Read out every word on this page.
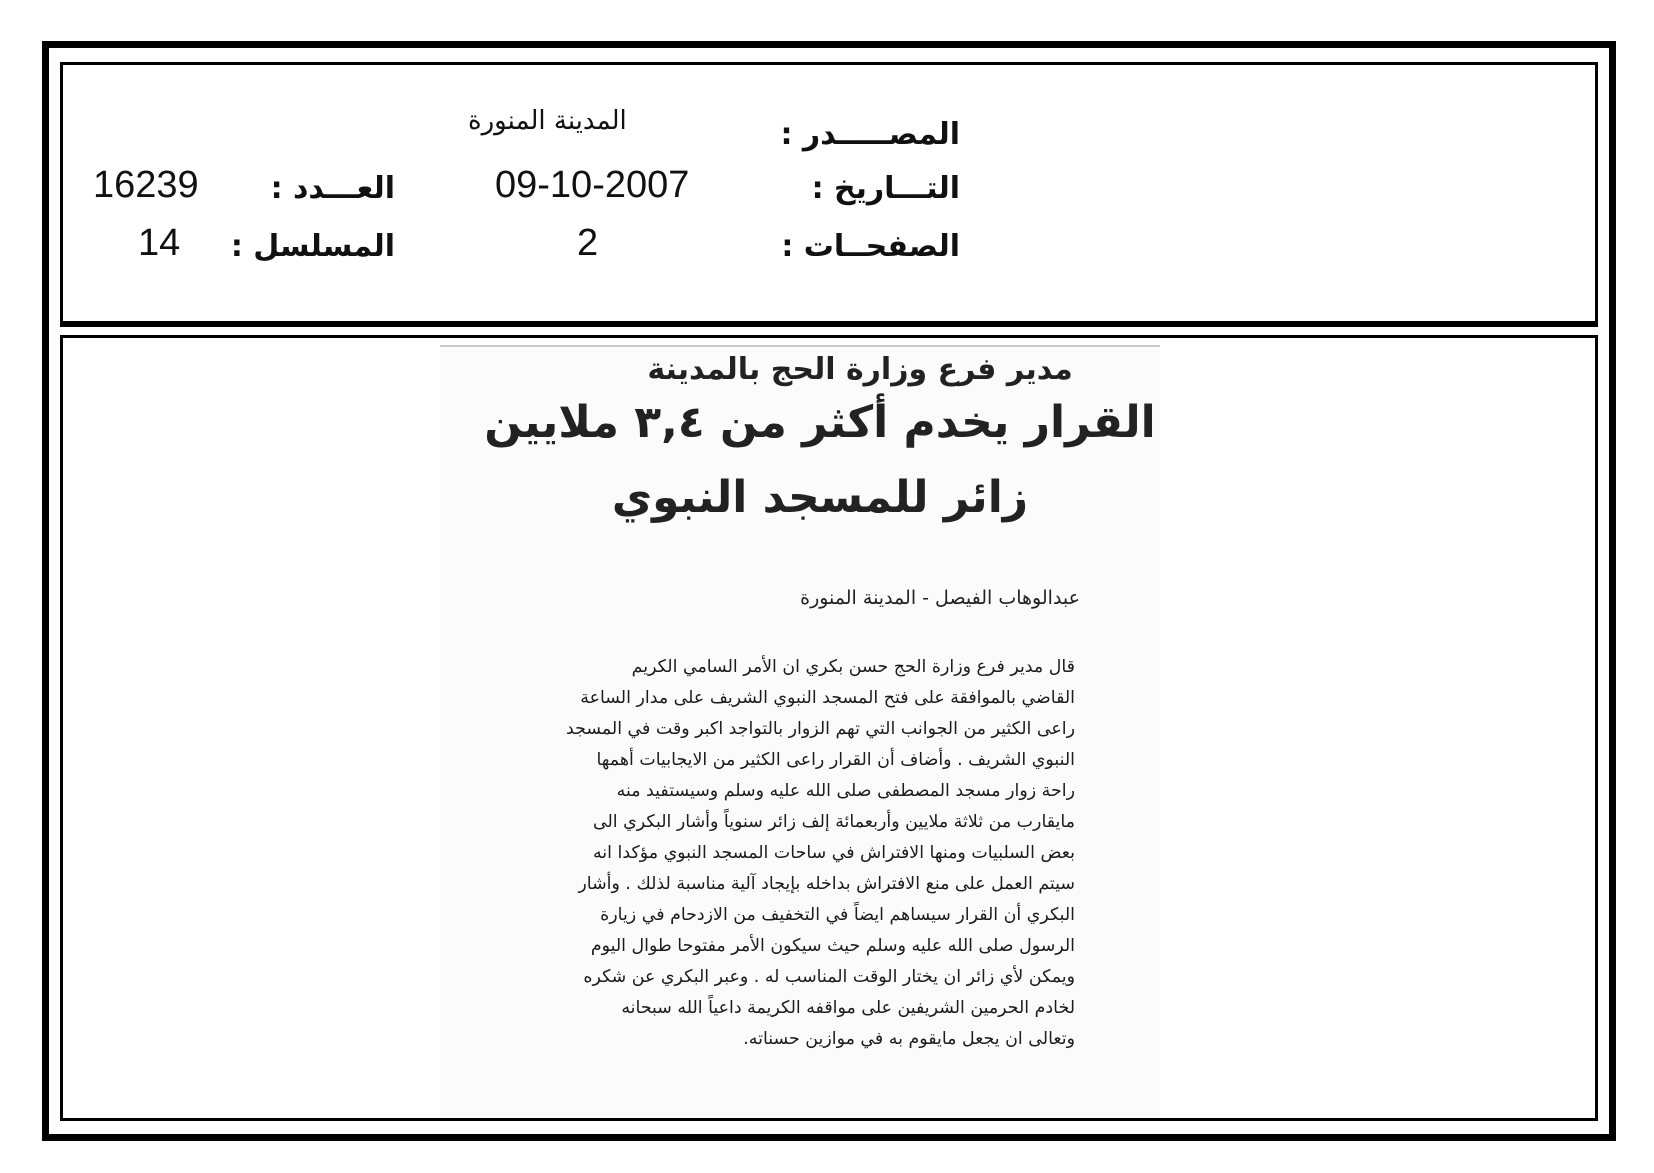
المصـــــدر :
المدينة المنورة
التـــاريخ :
09-10-2007
العـــدد :
16239
الصفحــات :
2
المسلسل :
14
مدير فرع وزارة الحج بالمدينة
القرار يخدم أكثر من ٣,٤ ملايين
زائر للمسجد النبوي
عبدالوهاب الفيصل - المدينة المنورة
قال مدير فرع وزارة الحج حسن بكري ان الأمر السامي الكريم
القاضي بالموافقة على فتح المسجد النبوي الشريف على مدار الساعة
راعى الكثير من الجوانب التي تهم الزوار بالتواجد اكبر وقت في المسجد
النبوي الشريف . وأضاف أن القرار راعى الكثير من الايجابيات أهمها
راحة زوار مسجد المصطفى صلى الله عليه وسلم وسيستفيد منه
مايقارب من ثلاثة ملايين وأربعمائة إلف زائر سنوياً وأشار البكري الى
بعض السلبيات ومنها الافتراش في ساحات المسجد النبوي مؤكدا انه
سيتم العمل على منع الافتراش بداخله بإيجاد آلية مناسبة لذلك . وأشار
البكري أن القرار سيساهم ايضاً في التخفيف من الازدحام في زيارة
الرسول صلى الله عليه وسلم حيث سيكون الأمر مفتوحا طوال اليوم
ويمكن لأي زائر ان يختار الوقت المناسب له . وعبر البكري عن شكره
لخادم الحرمين الشريفين على مواقفه الكريمة داعياً الله سبحانه
وتعالى ان يجعل مايقوم به في موازين حسناته.
